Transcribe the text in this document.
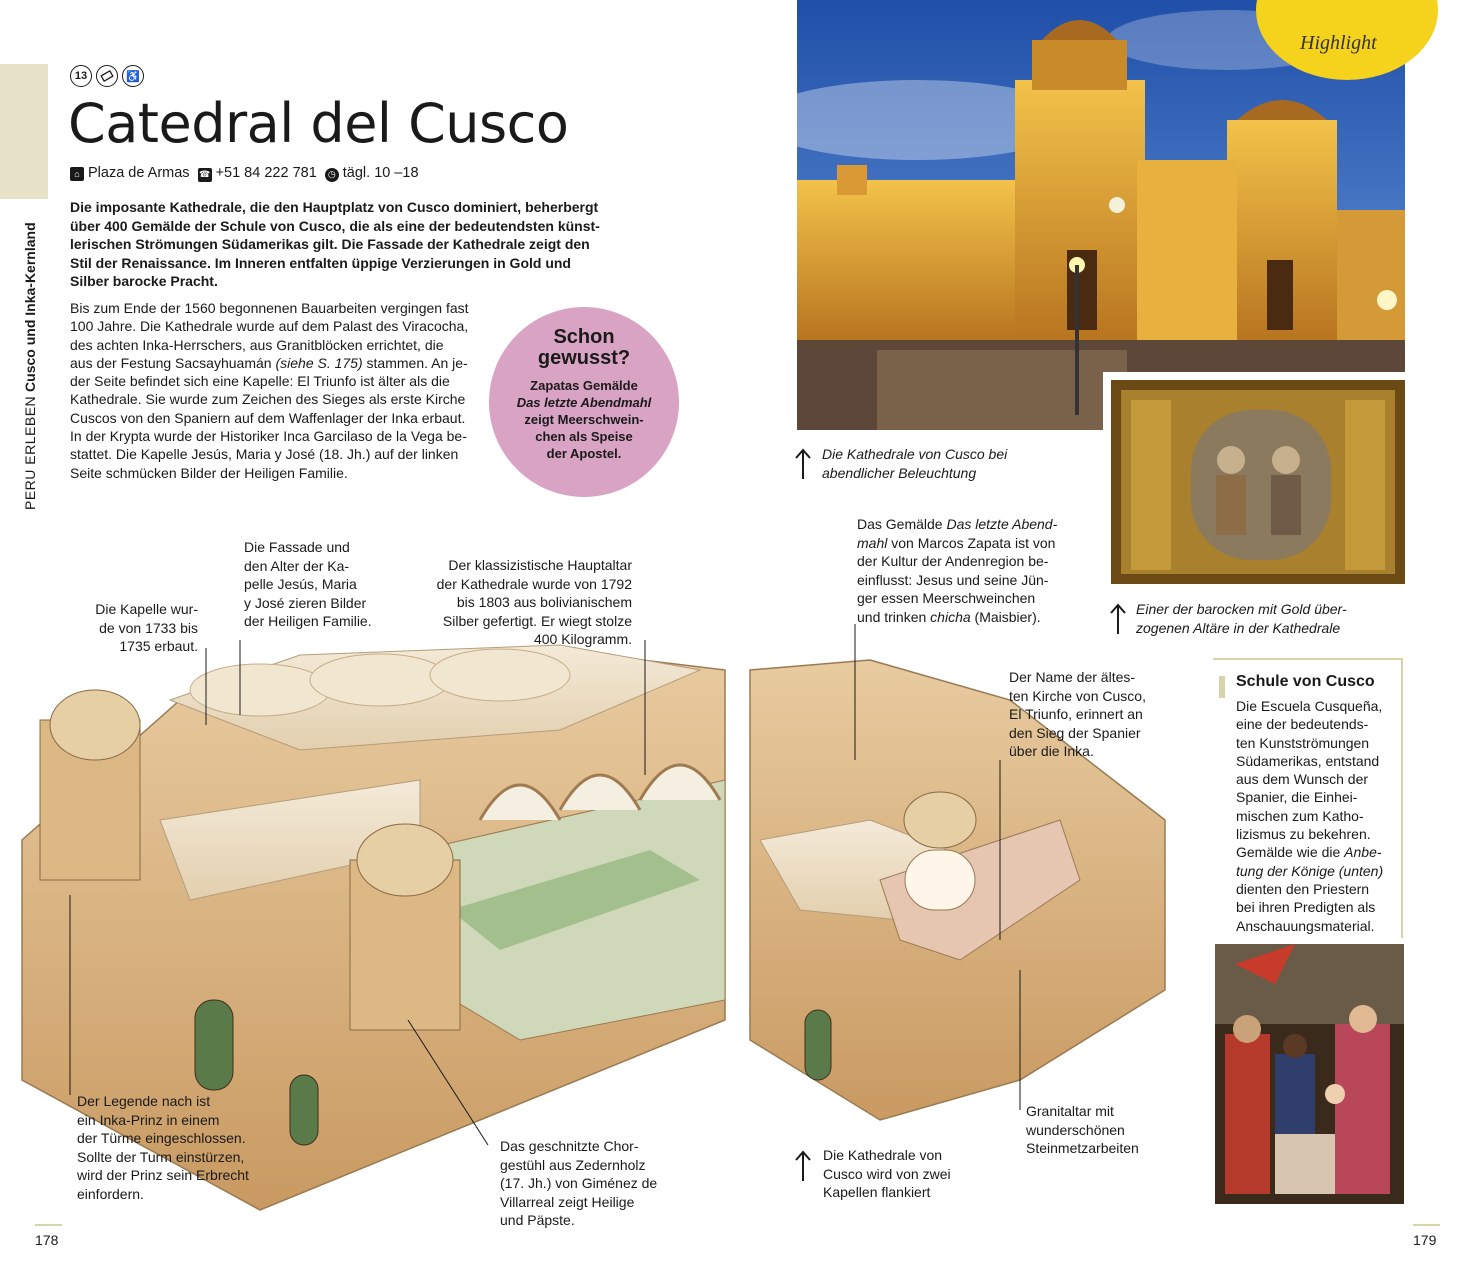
PERU ERLEBEN Cusco und Inka-Kernland
13	♿
Catedral del Cusco
⌂ Plaza de Armas ☎ +51 84 222 781	◷ tägl. 10 –18
Die imposante Kathedrale, die den Hauptplatz von Cusco dominiert, beherbergt
über 400 Gemälde der Schule von Cusco, die als eine der bedeutendsten künst-
lerischen Strömungen Südamerikas gilt. Die Fassade der Kathedrale zeigt den
Stil der Renaissance. Im Inneren entfalten üppige Verzierungen in Gold und
Silber barocke Pracht.
Bis zum Ende der 1560 begonnenen Bauarbeiten vergingen fast
100 Jahre. Die Kathedrale wurde auf dem Palast des Viracocha,
des achten Inka-Herrschers, aus Granitblöcken errichtet, die
aus der Festung Sacsayhuamán (siehe S. 175) stammen. An je-
der Seite befindet sich eine Kapelle: El Triunfo ist älter als die
Kathedrale. Sie wurde zum Zeichen des Sieges als erste Kirche
Cuscos von den Spaniern auf dem Waffenlager der Inka erbaut.
In der Krypta wurde der Historiker Inca Garcilaso de la Vega be-
stattet. Die Kapelle Jesús, Maria y José (18. Jh.) auf der linken
Seite schmücken Bilder der Heiligen Familie.
Schon gewusst?
Zapatas Gemälde
Das letzte Abendmahl
zeigt Meerschwein-
chen als Speise
der Apostel.
Highlight
Die Kathedrale von Cusco bei
abendlicher Beleuchtung
Einer der barocken mit Gold über-
zogenen Altäre in der Kathedrale
Die Kapelle wur-
de von 1733 bis
1735 erbaut.
Die Fassade und
den Alter der Ka-
pelle Jesús, Maria
y José zieren Bilder
der Heiligen Familie.
Der klassizistische Hauptaltar
der Kathedrale wurde von 1792
bis 1803 aus bolivianischem
Silber gefertigt. Er wiegt stolze
400 Kilogramm.
Das Gemälde Das letzte Abend-
mahl von Marcos Zapata ist von
der Kultur der Andenregion be-
einflusst: Jesus und seine Jün-
ger essen Meerschweinchen
und trinken chicha (Maisbier).
Der Name der ältes-
ten Kirche von Cusco,
El Triunfo, erinnert an
den Sieg der Spanier
über die Inka.
Der Legende nach ist
ein Inka-Prinz in einem
der Türme eingeschlossen.
Sollte der Turm einstürzen,
wird der Prinz sein Erbrecht
einfordern.
Das geschnitzte Chor-
gestühl aus Zedernholz
(17. Jh.) von Giménez de
Villarreal zeigt Heilige
und Päpste.
Granitaltar mit
wunderschönen
Steinmetzarbeiten
Die Kathedrale von
Cusco wird von zwei
Kapellen flankiert
Schule von Cusco
Die Escuela Cusqueña,
eine der bedeutends-
ten Kunstströmungen
Südamerikas, entstand
aus dem Wunsch der
Spanier, die Einhei-
mischen zum Katho-
lizismus zu bekehren.
Gemälde wie die Anbe-
tung der Könige (unten)
dienten den Priestern
bei ihren Predigten als
Anschauungsmaterial.
178	179
